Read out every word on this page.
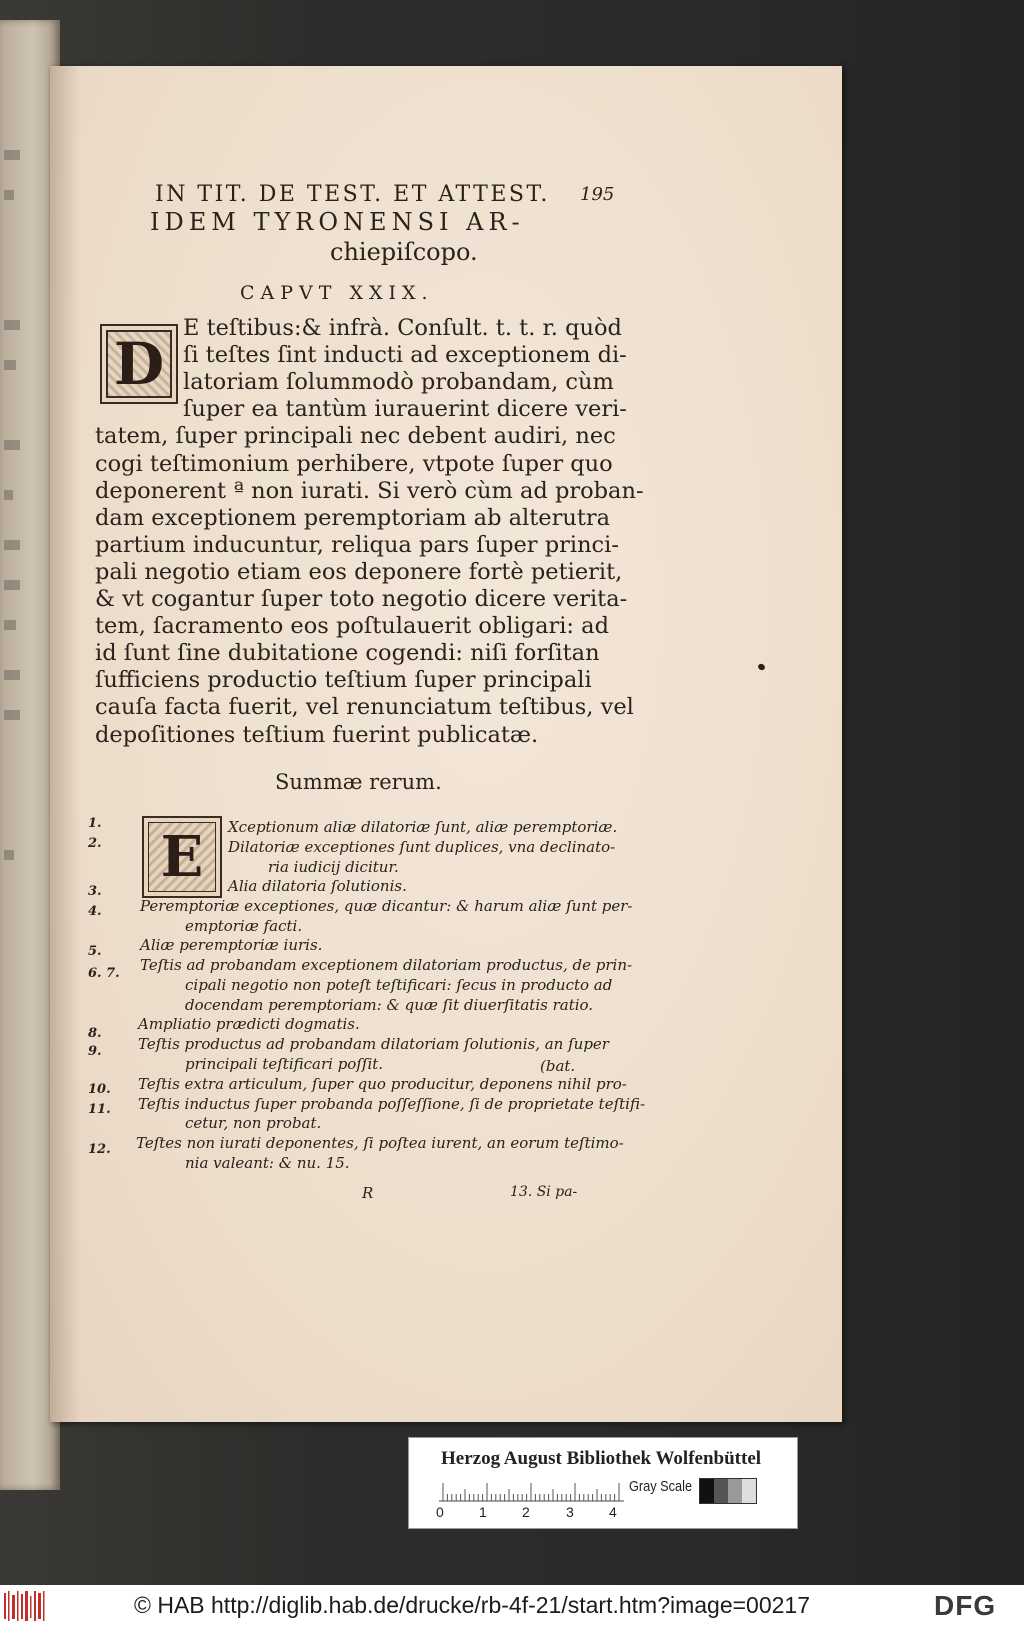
IN TIT. DE TEST. ET ATTEST.	195
IDEM TYRONENSI AR-
chiepiſcopo.
CAPVT XXIX.
D
E teſtibus:& infrà. Conſult. t. t. r. quòd
ſi teſtes ſint inducti ad exceptionem di-
latoriam ſolummodò probandam, cùm
ſuper ea tantùm iurauerint dicere veri-
tatem, ſuper principali nec debent audiri, nec
cogi teſtimonium perhibere, vtpote ſuper quo
deponerent ª non iurati. Si verò cùm ad proban-
dam exceptionem peremptoriam ab alterutra
partium inducuntur, reliqua pars ſuper princi-
pali negotio etiam eos deponere fortè petierit,
& vt cogantur ſuper toto negotio dicere verita-
tem, ſacramento eos poſtulauerit obligari: ad
id ſunt ſine dubitatione cogendi: niſi forſitan
ſufficiens productio teſtium ſuper principali
cauſa facta fuerit, vel renunciatum teſtibus, vel
depoſitiones teſtium fuerint publicatæ.
Summæ rerum.
E
1.
2.
3.
4.
5.
6. 7.
8.
9.
10.
11.
12.
Xceptionum aliæ dilatoriæ ſunt, aliæ peremptoriæ.
Dilatoriæ exceptiones ſunt duplices, vna declinato-
ria iudicij dicitur.
Alia dilatoria ſolutionis.
Peremptoriæ exceptiones, quæ dicantur: & harum aliæ ſunt per-
emptoriæ facti.
Aliæ peremptoriæ iuris.
Teſtis ad probandam exceptionem dilatoriam productus, de prin-
cipali negotio non poteſt teſtificari: ſecus in producto ad
docendam peremptoriam: & quæ ſit diuerſitatis ratio.
Ampliatio prædicti dogmatis.
Teſtis productus ad probandam dilatoriam ſolutionis, an ſuper
principali teſtificari poſſit.	(bat.
Teſtis extra articulum, ſuper quo producitur, deponens nihil pro-
Teſtis inductus ſuper probanda poſſeſſione, ſi de proprietate teſtifi-
cetur, non probat.
Teſtes non iurati deponentes, ſi poſtea iurent, an eorum teſtimo-
nia valeant: & nu. 15.
R	13. Si pa-
Herzog August Bibliothek Wolfenbüttel
0	1	2	3	4
Gray Scale
© HAB http://diglib.hab.de/drucke/rb-4f-21/start.htm?image=00217	DFG
